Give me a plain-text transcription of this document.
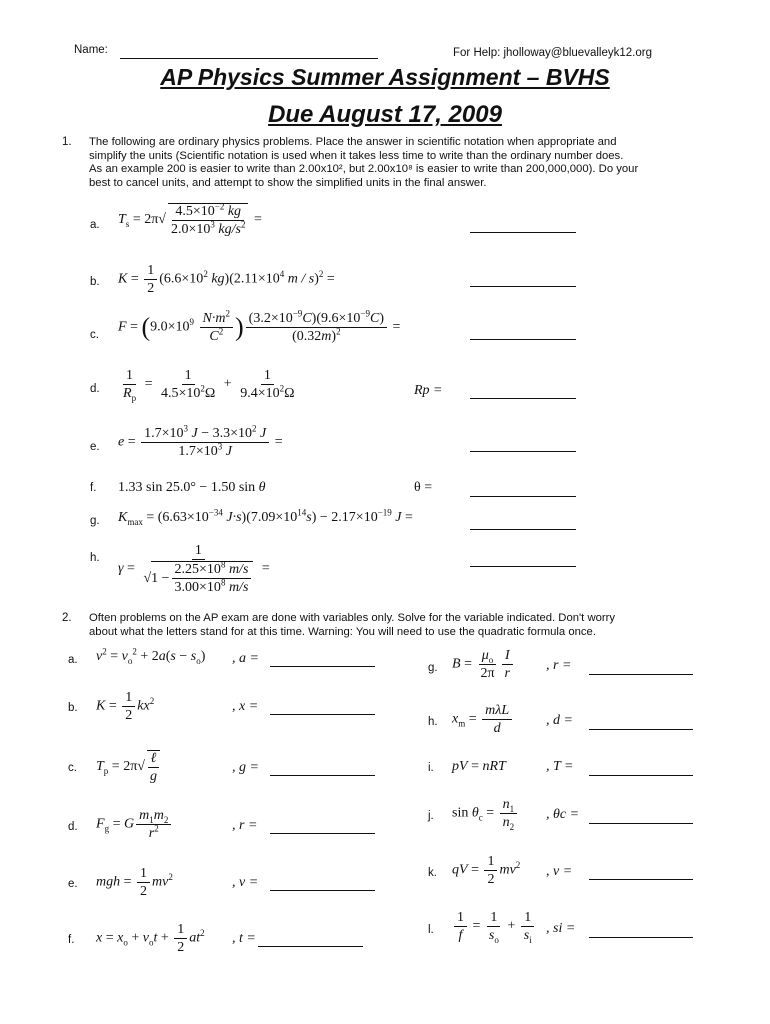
Name:	For Help: jholloway@bluevalleyk12.org
AP Physics Summer Assignment – BVHS
Due August 17, 2009
1. The following are ordinary physics problems. Place the answer in scientific notation when appropriate and
simplify the units (Scientific notation is used when it takes less time to write than the ordinary number does.
As an example 200 is easier to write than 2.00x10², but 2.00x10⁸ is easier to write than 200,000,000). Do your
best to cancel units, and attempt to show the simplified units in the final answer.
a. $T_s = 2\pi√ \frac{4.5\times 10^{-2} kg}{2.0\times 10^3 kg/s^2}$ =
b. $K = \frac{1}{2} (6.6\times 10^2$ $kg)(2.11\times 10^4$ m / s)$^2$ =
c.
$F = (9.0\times 10^9 \frac{N\cdot m^2}{C^2}$ ) $\frac{(3.2\times 10^{-9}C)(9.6\times 10^{-9}C)}{(0.32m)^2}$ =
d. $\frac{1}{R_p} = \frac{1}{4.5\times 10^2\Omega} + \frac{1}{9.4\times 10^2\Omega}$	Rp =
e. $e = \frac{1.7\times 10^3 J - 3.3\times 10^2 J}{1.7\times 10^3 J}$ =
f. 1.33 sin 25.0° − 1.50 sin θ	θ =
g. $K_{max} = (6.63\times 10^{-34}$ $J\cdot s)(7.09\times 10^{14}s) - 2.17\times 10^{-19}$ J =
h.
$\gamma = \frac{1}{√1 - \frac{2.25\times 10^8 m/s}{3.00\times 10^8 m/s}}$ =
2. Often problems on the AP exam are done with variables only. Solve for the variable indicated. Don't worry
about what the letters stand for at this time. Warning: You will need to use the quadratic formula once.
a. $v^2 = v_o^2 + 2a(s - s_o)$ , a =
b. $K = \frac{1}{2} kx^2$	, x =
c. $T_p = 2\pi√ \frac{\text{ℓ}}{g}$	, g =
d. $F_g = G \frac{m_1m_2}{r^2}$	, r =
e. mgh = $\frac{1}{2} mv^2$	, v =
f. $x = x_o + v_ot + \frac{1}{2} at^2$ , t =
g. $B = \frac{\mu_o}{2\pi} \frac{I}{r}$ , r =
h. $x_m = \frac{\text{mλL}}{d}$ , d =
i. pV = nRT	, T =
j. $\sin \theta_c = \frac{n_1}{n_2}$ , θc =
k. qV = $\frac{1}{2} mv^2$ , v =
l. $\frac{1}{f} = \frac{1}{s_o} + \frac{1}{s_i}$ , si =
